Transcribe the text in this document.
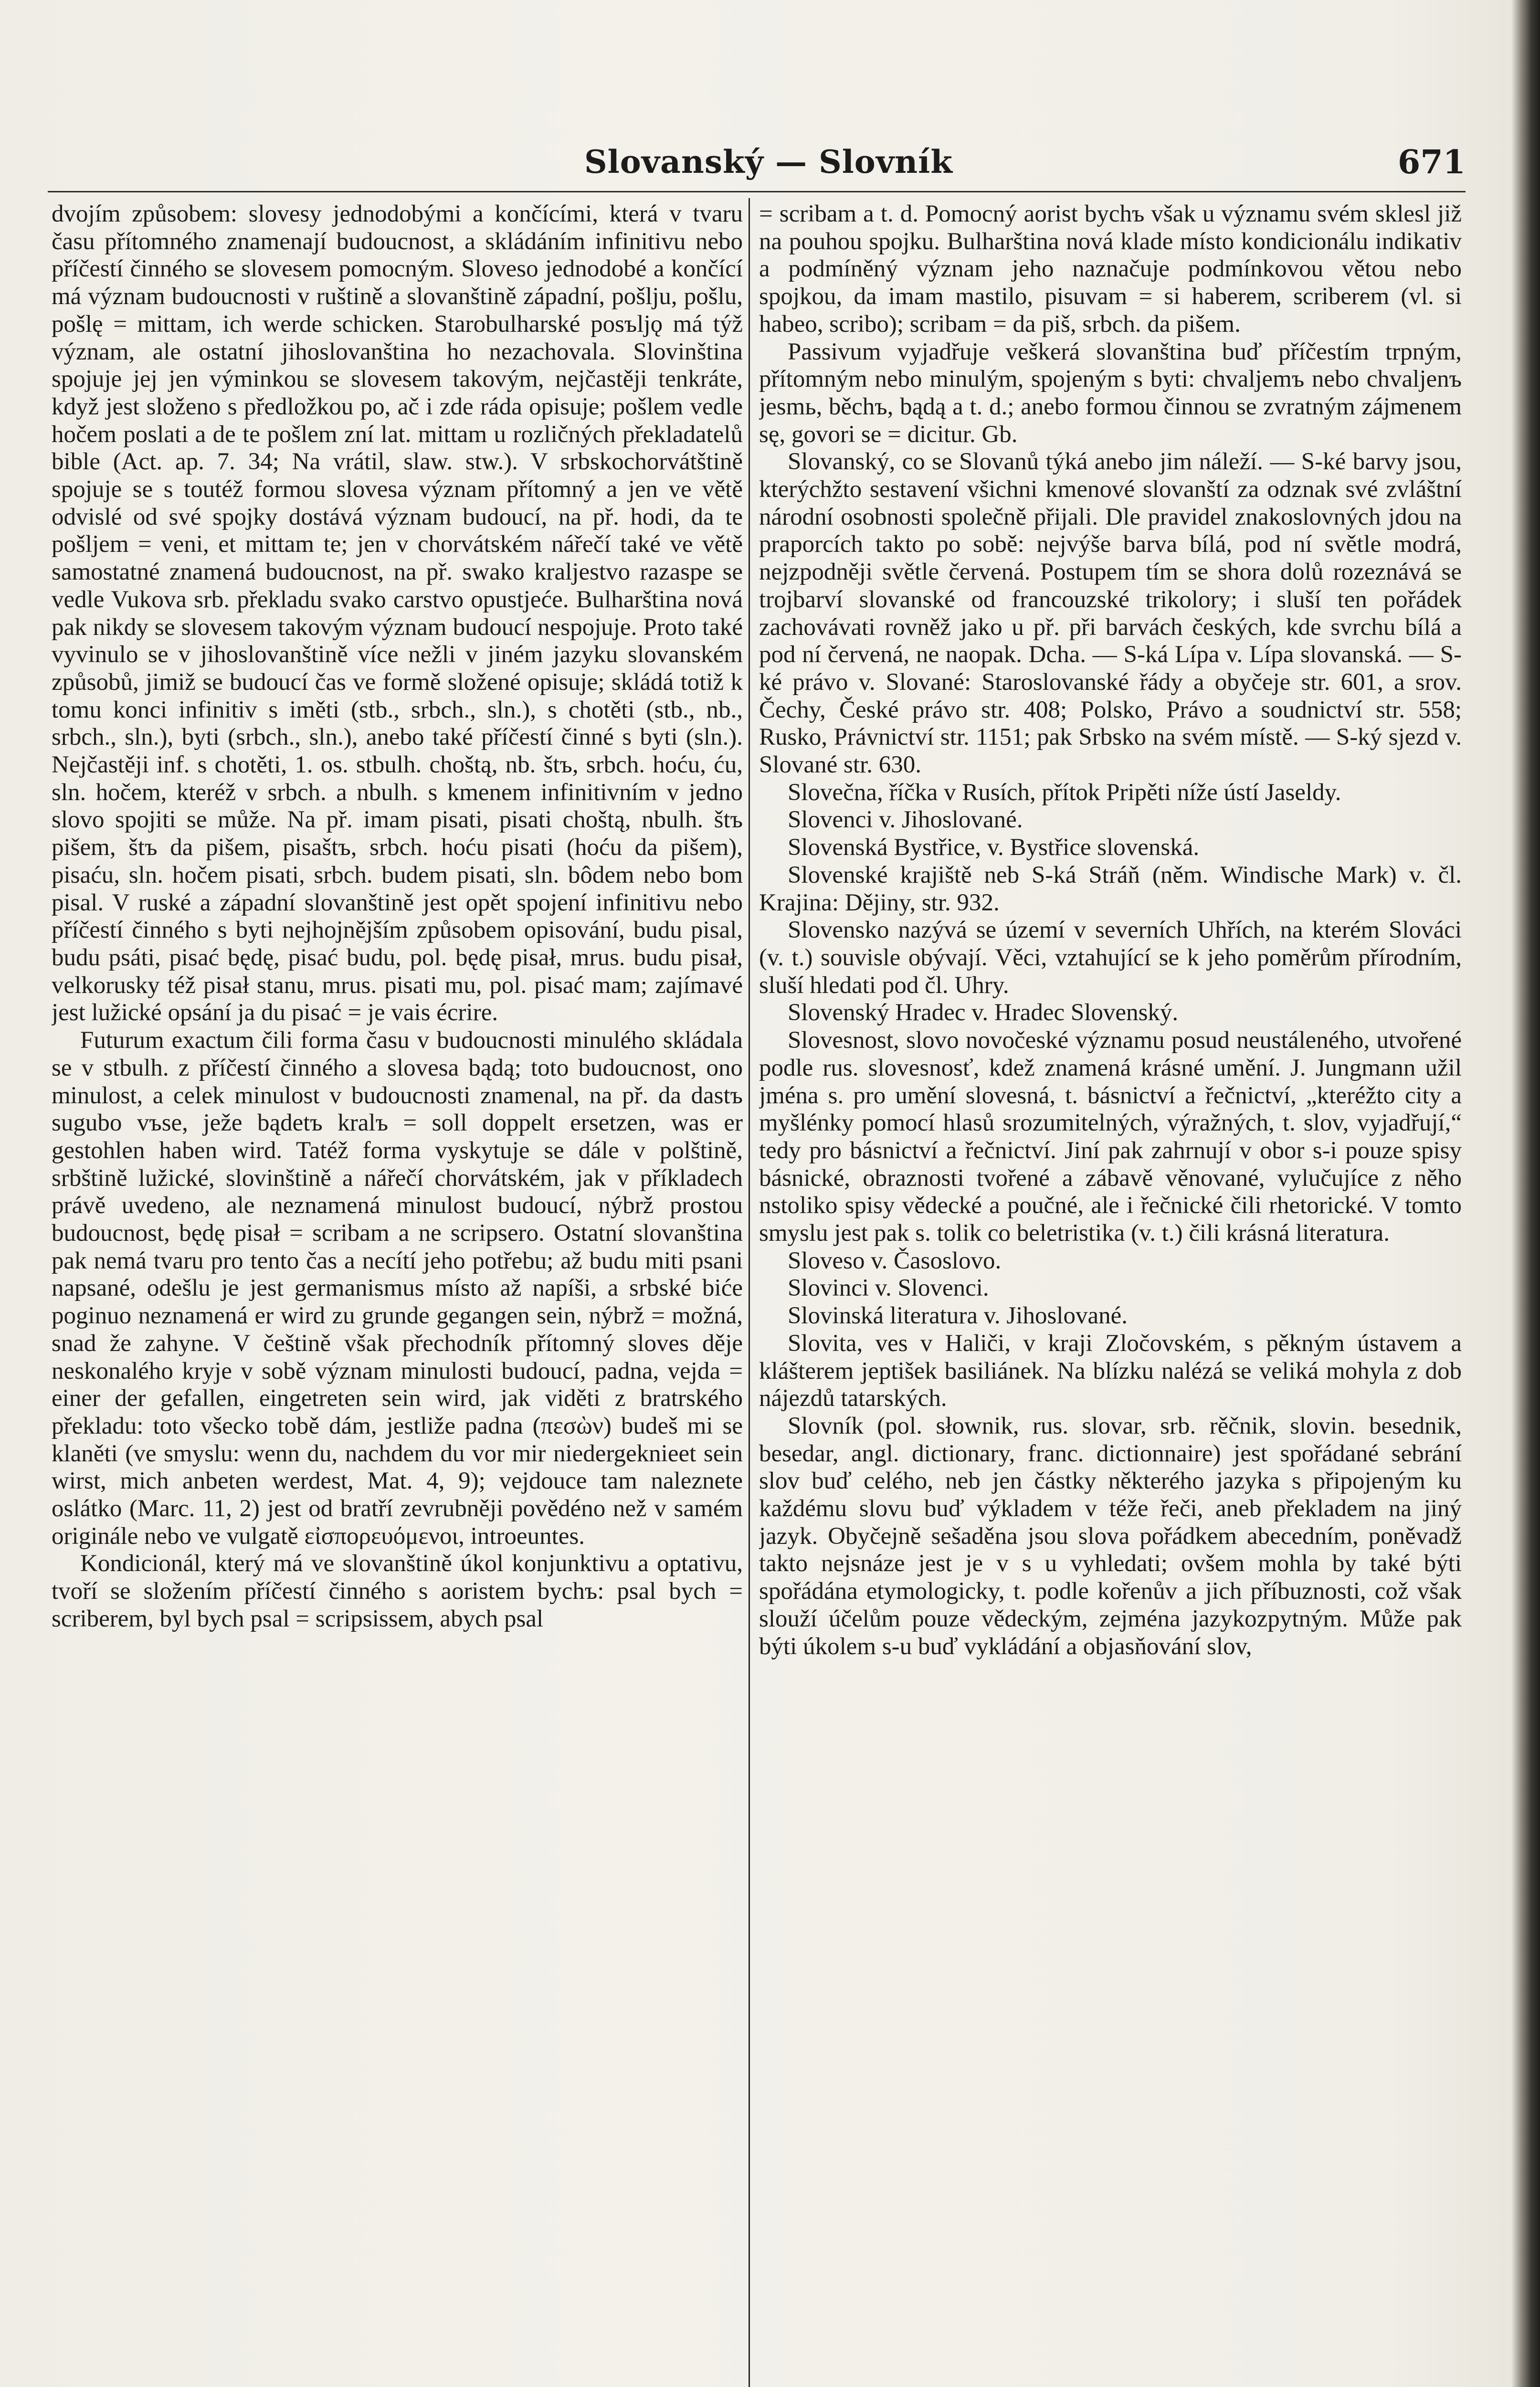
Slovanský — Slovník	671

dvojím způsobem: slovesy jednodobými a končícími, která v tvaru času přítomného znamenají budoucnost, a skládáním infinitivu nebo příčestí činného se slovesem pomocným. Sloveso jednodobé a končící má význam budoucnosti v ruštině a slovanštině západní, pošlju, pošlu, pošlę = mittam, ich werde schicken. Starobulharské posъljǫ má týž význam, ale ostatní jihoslovanština ho nezachovala. Slovinština spojuje jej jen výminkou se slovesem takovým, nejčastěji tenkráte, když jest složeno s předložkou po, ač i zde ráda opisuje; pošlem vedle hočem poslati a de te pošlem zní lat. mittam u rozličných překladatelů bible (Act. ap. 7. 34; Na vrátil, slaw. stw.). V srbskochorvátštině spojuje se s toutéž formou slovesa význam přítomný a jen ve větě odvislé od své spojky dostává význam budoucí, na př. hodi, da te pošljem = veni, et mittam te; jen v chorvátském nářečí také ve větě samostatné znamená budoucnost, na př. swako kraljestvo razaspe se vedle Vukova srb. překladu svako carstvo opustjeće. Bulharština nová pak nikdy se slovesem takovým význam budoucí nespojuje. Proto také vyvinulo se v jihoslovanštině více nežli v jiném jazyku slovanském způsobů, jimiž se budoucí čas ve formě složené opisuje; skládá totiž k tomu konci infinitiv s iměti (stb., srbch., sln.), s chotěti (stb., nb., srbch., sln.), byti (srbch., sln.), anebo také příčestí činné s byti (sln.). Nejčastěji inf. s chotěti, 1. os. stbulh. choštą, nb. štъ, srbch. hoću, ću, sln. hočem, kteréž v srbch. a nbulh. s kmenem infinitivním v jedno slovo spojiti se může. Na př. imam pisati, pisati choštą, nbulh. štъ pišem, štъ da pišem, pisaštъ, srbch. hoću pisati (hoću da pišem), pisaću, sln. hočem pisati, srbch. budem pisati, sln. bôdem nebo bom pisal. V ruské a západní slovanštině jest opět spojení infinitivu nebo příčestí činného s byti nejhojnějším způsobem opisování, budu pisal, budu psáti, pisać będę, pisać budu, pol. będę pisał, mrus. budu pisał, velkorusky též pisał stanu, mrus. pisati mu, pol. pisać mam; zajímavé jest lužické opsání ja du pisać = je vais écrire.

Futurum exactum čili forma času v budoucnosti minulého skládala se v stbulh. z příčestí činného a slovesa bądą; toto budoucnost, ono minulost, a celek minulost v budoucnosti znamenal, na př. da dastъ sugubo vъse, ježe bądetъ kralъ = soll doppelt ersetzen, was er gestohlen haben wird. Tatéž forma vyskytuje se dále v polštině, srbštině lužické, slovinštině a nářečí chorvátském, jak v příkladech právě uvedeno, ale neznamená minulost budoucí, nýbrž prostou budoucnost, będę pisał = scribam a ne scripsero. Ostatní slovanština pak nemá tvaru pro tento čas a necítí jeho potřebu; až budu miti psani napsané, odešlu je jest germanismus místo až napíši, a srbské biće poginuo neznamená er wird zu grunde gegangen sein, nýbrž = možná, snad že zahyne. V češtině však přechodník přítomný sloves děje neskonalého kryje v sobě význam minulosti budoucí, padna, vejda = einer der gefallen, eingetreten sein wird, jak viděti z bratrského překladu: toto všecko tobě dám, jestliže padna (πεσὼν) budeš mi se klaněti (ve smyslu: wenn du, nachdem du vor mir niedergeknieet sein wirst, mich anbeten werdest, Mat. 4, 9); vejdouce tam naleznete oslátko (Marc. 11, 2) jest od bratří zevrubněji povědéno než v samém originále nebo ve vulgatě εἰσπορευόμενοι, introeuntes.

Kondicionál, který má ve slovanštině úkol konjunktivu a optativu, tvoří se složením příčestí činného s aoristem bychъ: psal bych = scriberem, byl bych psal = scripsissem, abych psal

= scribam a t. d. Pomocný aorist bychъ však u významu svém sklesl již na pouhou spojku. Bulharština nová klade místo kondicionálu indikativ a podmíněný význam jeho naznačuje podmínkovou větou nebo spojkou, da imam mastilo, pisuvam = si haberem, scriberem (vl. si habeo, scribo); scribam = da piš, srbch. da pišem.

Passivum vyjadřuje veškerá slovanština buď příčestím trpným, přítomným nebo minulým, spojeným s byti: chvaljemъ nebo chvaljenъ jesmь, běchъ, bądą a t. d.; anebo formou činnou se zvratným zájmenem sę, govori se = dicitur. Gb.

Slovanský, co se Slovanů týká anebo jim náleží. — S-ké barvy jsou, kterýchžto sestavení všichni kmenové slovanští za odznak své zvláštní národní osobnosti společně přijali. Dle pravidel znakoslovných jdou na praporcích takto po sobě: nejvýše barva bílá, pod ní světle modrá, nejzpodněji světle červená. Postupem tím se shora dolů rozeznává se trojbarví slovanské od francouzské trikolory; i sluší ten pořádek zachovávati rovněž jako u př. při barvách českých, kde svrchu bílá a pod ní červená, ne naopak. Dcha. — S-ká Lípa v. Lípa slovanská. — S-ké právo v. Slované: Staroslovanské řády a obyčeje str. 601, a srov. Čechy, České právo str. 408; Polsko, Právo a soudnictví str. 558; Rusko, Právnictví str. 1151; pak Srbsko na svém místě. — S-ký sjezd v. Slované str. 630.

Slovečna, říčka v Rusích, přítok Pripěti níže ústí Jaseldy.

Slovenci v. Jihoslované.

Slovenská Bystřice, v. Bystřice slovenská.

Slovenské krajiště neb S-ká Stráň (něm. Windische Mark) v. čl. Krajina: Dějiny, str. 932.

Slovensko nazývá se území v severních Uhřích, na kterém Slováci (v. t.) souvisle obývají. Věci, vztahující se k jeho poměrům přírodním, sluší hledati pod čl. Uhry.

Slovenský Hradec v. Hradec Slovenský.

Slovesnost, slovo novočeské významu posud neustáleného, utvořené podle rus. slovesnosť, kdež znamená krásné umění. J. Jungmann užil jména s. pro umění slovesná, t. básnictví a řečnictví, „kteréžto city a myšlénky pomocí hlasů srozumitelných, výražných, t. slov, vyjadřují,“ tedy pro básnictví a řečnictví. Jiní pak zahrnují v obor s-i pouze spisy básnické, obraznosti tvořené a zábavě věnované, vylučujíce z něho nstoliko spisy vědecké a poučné, ale i řečnické čili rhetorické. V tomto smyslu jest pak s. tolik co beletristika (v. t.) čili krásná literatura.

Sloveso v. Časoslovo.

Slovinci v. Slovenci.

Slovinská literatura v. Jihoslované.

Slovita, ves v Haliči, v kraji Zločovském, s pěkným ústavem a klášterem jeptišek basiliánek. Na blízku nalézá se veliká mohyla z dob nájezdů tatarských.

Slovník (pol. słownik, rus. slovar, srb. rěčnik, slovin. besednik, besedar, angl. dictionary, franc. dictionnaire) jest spořádané sebrání slov buď celého, neb jen částky některého jazyka s připojeným ku každému slovu buď výkladem v téže řeči, aneb překladem na jiný jazyk. Obyčejně sešaděna jsou slova pořádkem abecedním, poněvadž takto nejsnáze jest je v s u vyhledati; ovšem mohla by také býti spořádána etymologicky, t. podle kořenův a jich příbuznosti, což však slouží účelům pouze vědeckým, zejména jazykozpytným. Může pak býti úkolem s-u buď vykládání a objasňování slov,
